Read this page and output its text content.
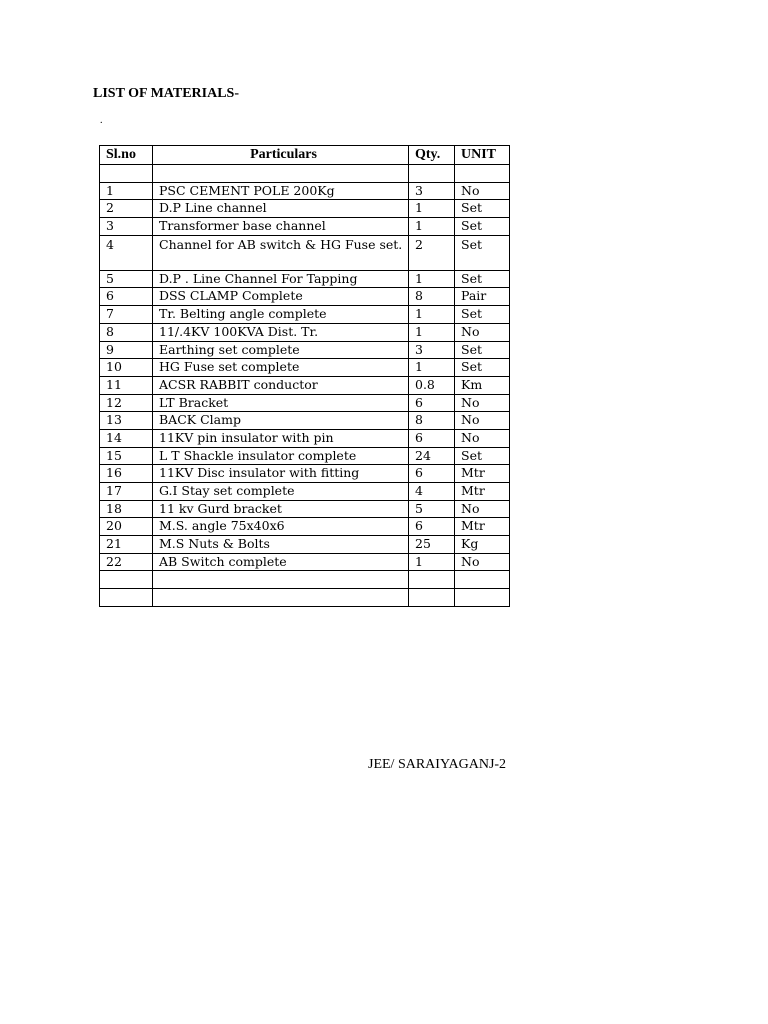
LIST OF MATERIALS-
.
Sl.no	Particulars	Qty.	UNIT

1	PSC CEMENT POLE 200Kg	3	No
2	D.P Line channel	1	Set
3	Transformer base channel	1	Set
4	Channel for AB switch & HG Fuse set.	2	Set
5	D.P . Line Channel For Tapping	1	Set
6	DSS CLAMP Complete	8	Pair
7	Tr. Belting angle complete	1	Set
8	11/.4KV 100KVA Dist. Tr.	1	No
9	Earthing set complete	3	Set
10	HG Fuse set complete	1	Set
11	ACSR RABBIT conductor	0.8	Km
12	LT Bracket	6	No
13	BACK Clamp	8	No
14	11KV pin insulator with pin	6	No
15	L T Shackle insulator complete	24	Set
16	11KV Disc insulator with fitting	6	Mtr
17	G.I Stay set complete	4	Mtr
18	11 kv Gurd bracket	5	No
20	M.S. angle 75x40x6	6	Mtr
21	M.S Nuts & Bolts	25	Kg
22	AB Switch complete	1	No

JEE/ SARAIYAGANJ-2
